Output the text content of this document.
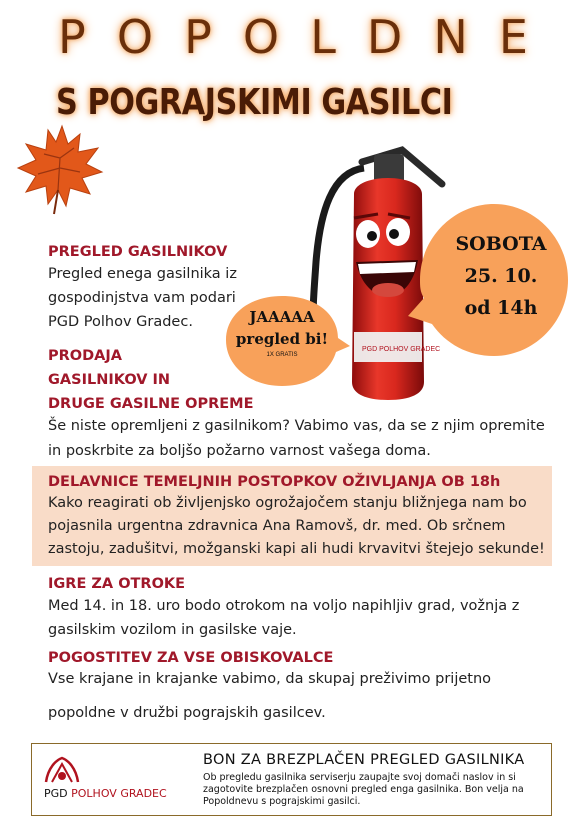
P O P O L D N E
S POGRAJSKIMI GASILCI
PGD POLHOV GRADEC
SOBOTA
25. 10.
od 14h
JAAAAA
pregled bi!
1X GRATIS
PREGLED GASILNIKOV
Pregled enega gasilnika iz
gospodinjstva vam podari
PGD Polhov Gradec.
PRODAJA
GASILNIKOV IN
DRUGE GASILNE OPREME
Še niste opremljeni z gasilnikom? Vabimo vas, da se z njim opremite
in poskrbite za boljšo požarno varnost vašega doma.
DELAVNICE TEMELJNIH POSTOPKOV OŽIVLJANJA OB 18h
Kako reagirati ob življenjsko ogrožajočem stanju bližnjega nam bo
pojasnila urgentna zdravnica Ana Ramovš, dr. med. Ob srčnem
zastoju, zadušitvi, možganski kapi ali hudi krvavitvi štejejo sekunde!
IGRE ZA OTROKE
Med 14. in 18. uro bodo otrokom na voljo napihljiv grad, vožnja z
gasilskim vozilom in gasilske vaje.
POGOSTITEV ZA VSE OBISKOVALCE
Vse krajane in krajanke vabimo, da skupaj preživimo prijetno
popoldne v družbi pograjskih gasilcev.
PGD POLHOV GRADEC
BON ZA BREZPLAČEN PREGLED GASILNIKA
Ob pregledu gasilnika serviserju zaupajte svoj domači naslov in si zagotovite brezplačen osnovni pregled enga gasilnika. Bon velja na Popoldnevu s pograjskimi gasilci.
